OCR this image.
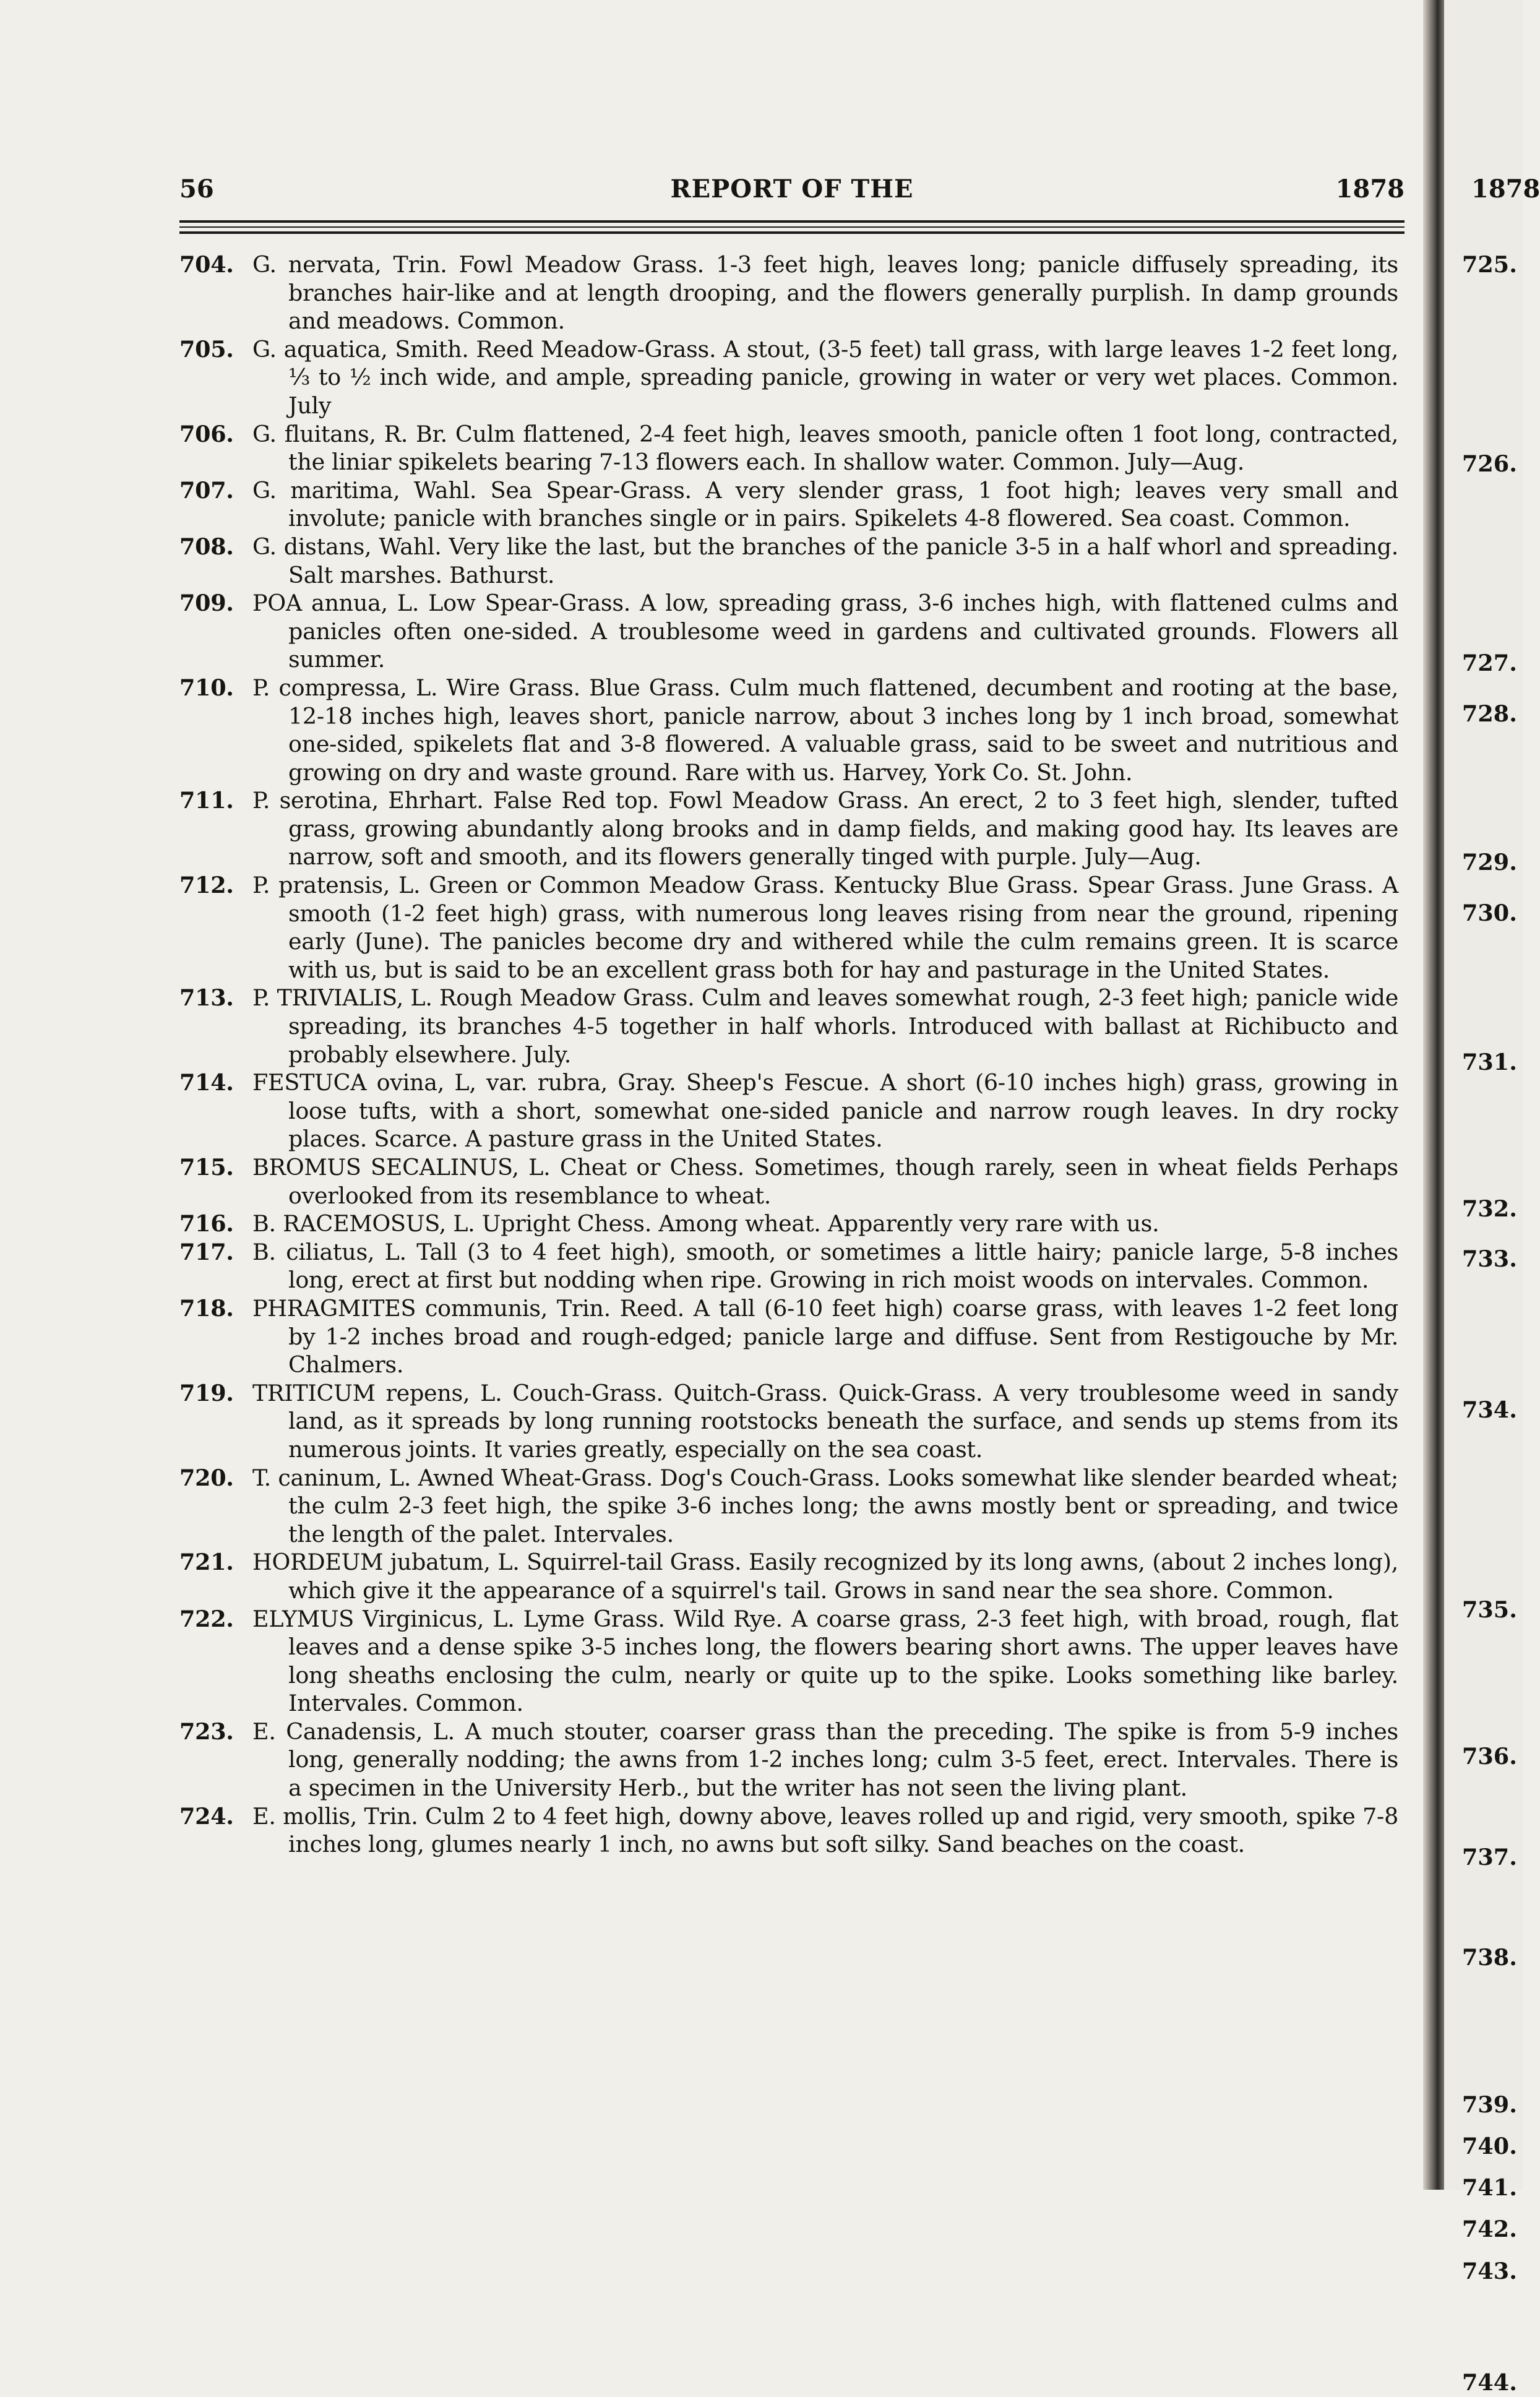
56	REPORT OF THE	1878	1878
704. G. nervata, Trin. Fowl Meadow Grass. 1-3 feet high, leaves long; panicle diffusely spreading, its branches hair-like and at length drooping, and the flowers generally purplish. In damp grounds and meadows. Common.
705. G. aquatica, Smith. Reed Meadow-Grass. A stout, (3-5 feet) tall grass, with large leaves 1-2 feet long, ⅓ to ½ inch wide, and ample, spreading panicle, growing in water or very wet places. Common. July
706. G. fluitans, R. Br. Culm flattened, 2-4 feet high, leaves smooth, panicle often 1 foot long, contracted, the liniar spikelets bearing 7-13 flowers each. In shallow water. Common. July—Aug.
707. G. maritima, Wahl. Sea Spear-Grass. A very slender grass, 1 foot high; leaves very small and involute; panicle with branches single or in pairs. Spikelets 4-8 flowered. Sea coast. Common.
708. G. distans, Wahl. Very like the last, but the branches of the panicle 3-5 in a half whorl and spreading. Salt marshes. Bathurst.
709. POA annua, L. Low Spear-Grass. A low, spreading grass, 3-6 inches high, with flattened culms and panicles often one-sided. A troublesome weed in gardens and cultivated grounds. Flowers all summer.
710. P. compressa, L. Wire Grass. Blue Grass. Culm much flattened, decumbent and rooting at the base, 12-18 inches high, leaves short, panicle narrow, about 3 inches long by 1 inch broad, somewhat one-sided, spikelets flat and 3-8 flowered. A valuable grass, said to be sweet and nutritious and growing on dry and waste ground. Rare with us. Harvey, York Co. St. John.
711. P. serotina, Ehrhart. False Red top. Fowl Meadow Grass. An erect, 2 to 3 feet high, slender, tufted grass, growing abundantly along brooks and in damp fields, and making good hay. Its leaves are narrow, soft and smooth, and its flowers generally tinged with purple. July—Aug.
712. P. pratensis, L. Green or Common Meadow Grass. Kentucky Blue Grass. Spear Grass. June Grass. A smooth (1-2 feet high) grass, with numerous long leaves rising from near the ground, ripening early (June). The panicles become dry and withered while the culm remains green. It is scarce with us, but is said to be an excellent grass both for hay and pasturage in the United States.
713. P. TRIVIALIS, L. Rough Meadow Grass. Culm and leaves somewhat rough, 2-3 feet high; panicle wide spreading, its branches 4-5 together in half whorls. Introduced with ballast at Richibucto and probably elsewhere. July.
714. FESTUCA ovina, L, var. rubra, Gray. Sheep's Fescue. A short (6-10 inches high) grass, growing in loose tufts, with a short, somewhat one-sided panicle and narrow rough leaves. In dry rocky places. Scarce. A pasture grass in the United States.
715. BROMUS SECALINUS, L. Cheat or Chess. Sometimes, though rarely, seen in wheat fields Perhaps overlooked from its resemblance to wheat.
716. B. RACEMOSUS, L. Upright Chess. Among wheat. Apparently very rare with us.
717. B. ciliatus, L. Tall (3 to 4 feet high), smooth, or sometimes a little hairy; panicle large, 5-8 inches long, erect at first but nodding when ripe. Growing in rich moist woods on intervales. Common.
718. PHRAGMITES communis, Trin. Reed. A tall (6-10 feet high) coarse grass, with leaves 1-2 feet long by 1-2 inches broad and rough-edged; panicle large and diffuse. Sent from Restigouche by Mr. Chalmers.
719. TRITICUM repens, L. Couch-Grass. Quitch-Grass. Quick-Grass. A very troublesome weed in sandy land, as it spreads by long running rootstocks beneath the surface, and sends up stems from its numerous joints. It varies greatly, especially on the sea coast.
720. T. caninum, L. Awned Wheat-Grass. Dog's Couch-Grass. Looks somewhat like slender bearded wheat; the culm 2-3 feet high, the spike 3-6 inches long; the awns mostly bent or spreading, and twice the length of the palet. Intervales.
721. HORDEUM jubatum, L. Squirrel-tail Grass. Easily recognized by its long awns, (about 2 inches long), which give it the appearance of a squirrel's tail. Grows in sand near the sea shore. Common.
722. ELYMUS Virginicus, L. Lyme Grass. Wild Rye. A coarse grass, 2-3 feet high, with broad, rough, flat leaves and a dense spike 3-5 inches long, the flowers bearing short awns. The upper leaves have long sheaths enclosing the culm, nearly or quite up to the spike. Looks something like barley. Intervales. Common.
723. E. Canadensis, L. A much stouter, coarser grass than the preceding. The spike is from 5-9 inches long, generally nodding; the awns from 1-2 inches long; culm 3-5 feet, erect. Intervales. There is a specimen in the University Herb., but the writer has not seen the living plant.
724. E. mollis, Trin. Culm 2 to 4 feet high, downy above, leaves rolled up and rigid, very smooth, spike 7-8 inches long, glumes nearly 1 inch, no awns but soft silky. Sand beaches on the coast.
725.
726.
727.
728.
729.
730.
731.
732.
733.
734.
735.
736.
737.
738.
739.
740.
741.
742.
743.
744.
